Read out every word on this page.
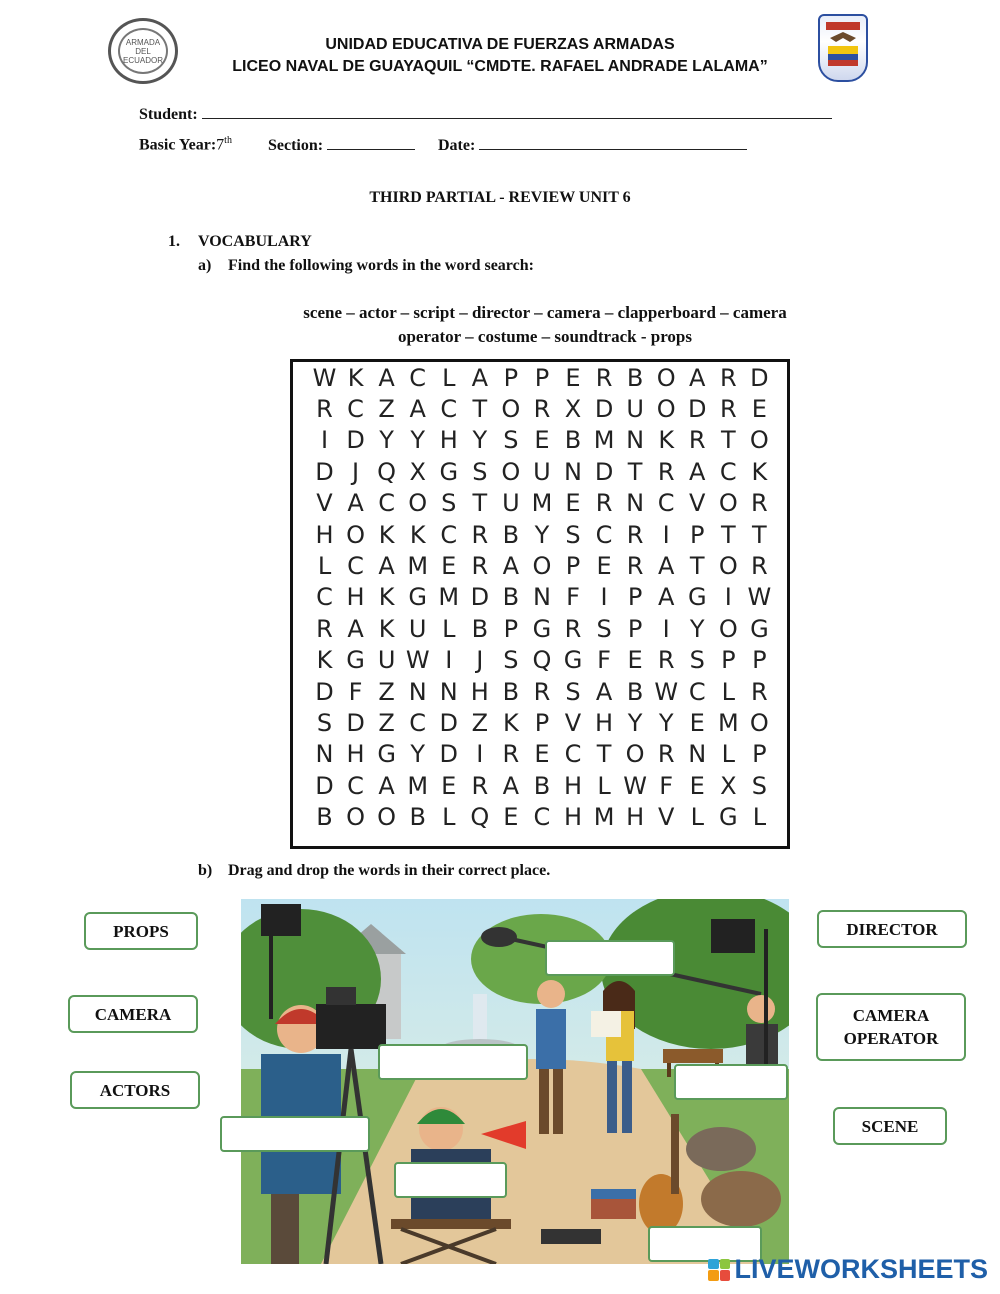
ARMADA DEL ECUADOR
UNIDAD EDUCATIVA DE FUERZAS ARMADAS
LICEO NAVAL DE GUAYAQUIL “CMDTE. RAFAEL ANDRADE LALAMA”
Student:
Basic Year:7th Section:	Date:
THIRD PARTIAL - REVIEW UNIT 6
1. VOCABULARY
a) Find the following words in the word search:
scene – actor – script – director – camera – clapperboard – camera
operator – costume – soundtrack - props
W K A C L A P P E R B O A R D
R C Z A C T O R X D U O D R E
I D Y Y H Y S E B M N K R T O
D J Q X G S O U N D T R A C K
V A C O S T U M E R N C V O R
H O K K C R B Y S C R I P T T
L C A M E R A O P E R A T O R
C H K G M D B N F I P A G I W
R A K U L B P G R S P I Y O G
K G U W I J S Q G F E R S P P
D F Z N N H B R S A B W C L R
S D Z C D Z K P V H Y Y E M O
N H G Y D I R E C T O R N L P
D C A M E R A B H L W F E X S
B O O B L Q E C H M H V L G L
b) Drag and drop the words in their correct place.
PROPS
CAMERA
ACTORS
DIRECTOR
CAMERA
OPERATOR
SCENE
LIVEWORKSHEETS
